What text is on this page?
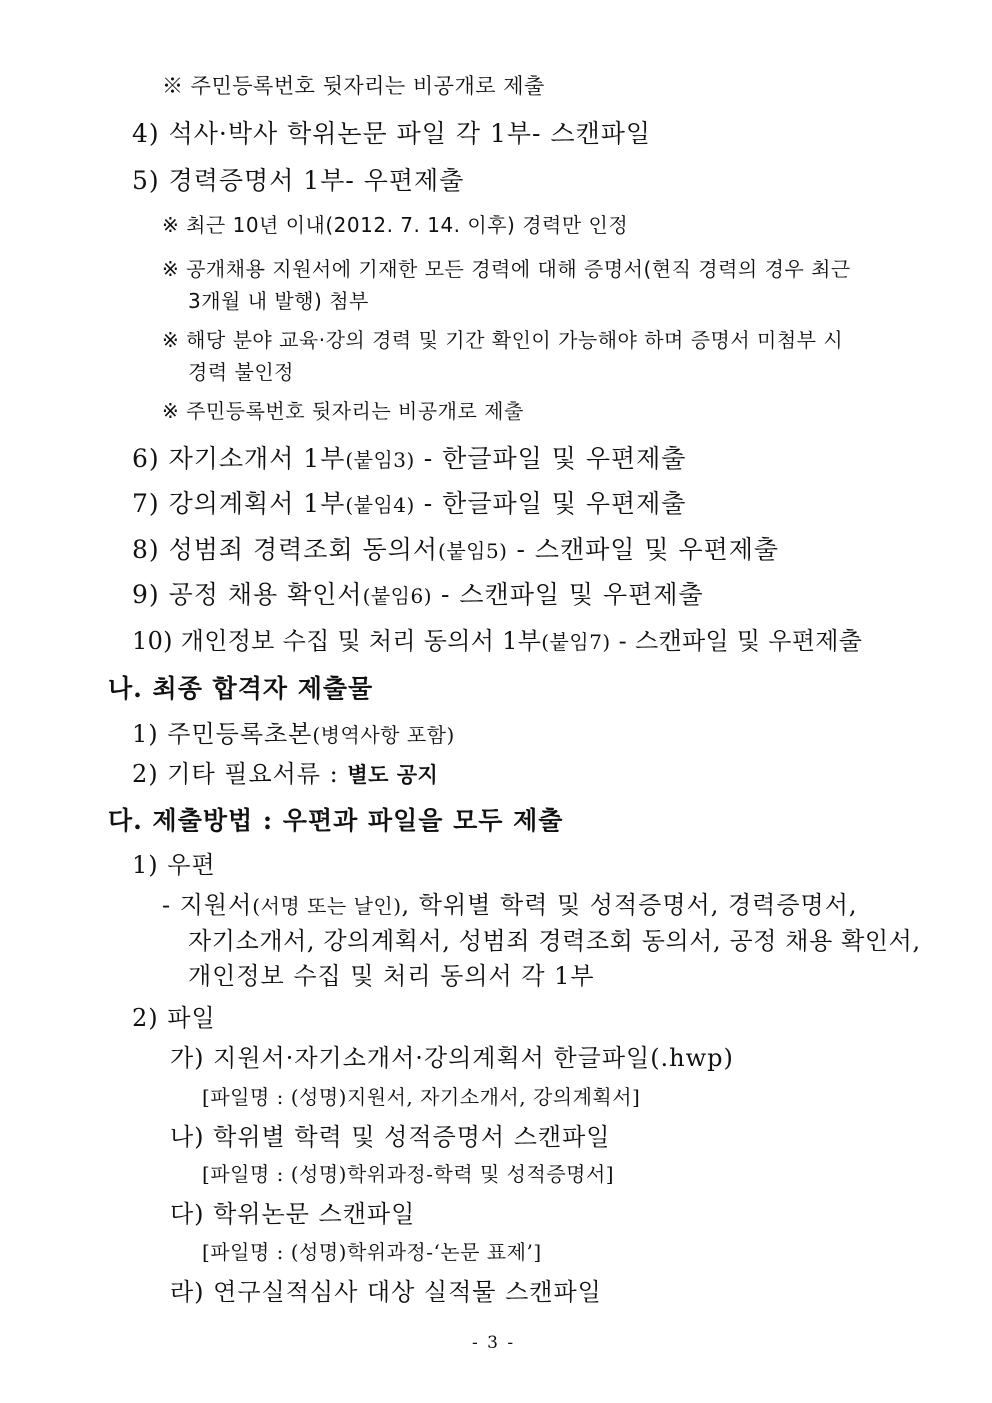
※ 주민등록번호 뒷자리는 비공개로 제출
4) 석사·박사 학위논문 파일 각 1부- 스캔파일
5) 경력증명서 1부- 우편제출
※ 최근 10년 이내(2012. 7. 14. 이후) 경력만 인정
※ 공개채용 지원서에 기재한 모든 경력에 대해 증명서(현직 경력의 경우 최근
3개월 내 발행) 첨부
※ 해당 분야 교육·강의 경력 및 기간 확인이 가능해야 하며 증명서 미첨부 시
경력 불인정
※ 주민등록번호 뒷자리는 비공개로 제출
6) 자기소개서 1부(붙임3) - 한글파일 및 우편제출
7) 강의계획서 1부(붙임4) - 한글파일 및 우편제출
8) 성범죄 경력조회 동의서(붙임5) - 스캔파일 및 우편제출
9) 공정 채용 확인서(붙임6) - 스캔파일 및 우편제출
10) 개인정보 수집 및 처리 동의서 1부(붙임7) - 스캔파일 및 우편제출
나. 최종 합격자 제출물
1) 주민등록초본(병역사항 포함)
2) 기타 필요서류 : 별도 공지
다. 제출방법 : 우편과 파일을 모두 제출
1) 우편
- 지원서(서명 또는 날인), 학위별 학력 및 성적증명서, 경력증명서,
자기소개서, 강의계획서, 성범죄 경력조회 동의서, 공정 채용 확인서,
개인정보 수집 및 처리 동의서 각 1부
2) 파일
가) 지원서·자기소개서·강의계획서 한글파일(.hwp)
[파일명 : (성명)지원서, 자기소개서, 강의계획서]
나) 학위별 학력 및 성적증명서 스캔파일
[파일명 : (성명)학위과정-학력 및 성적증명서]
다) 학위논문 스캔파일
[파일명 : (성명)학위과정-‘논문 표제’]
라) 연구실적심사 대상 실적물 스캔파일
- 3 -
